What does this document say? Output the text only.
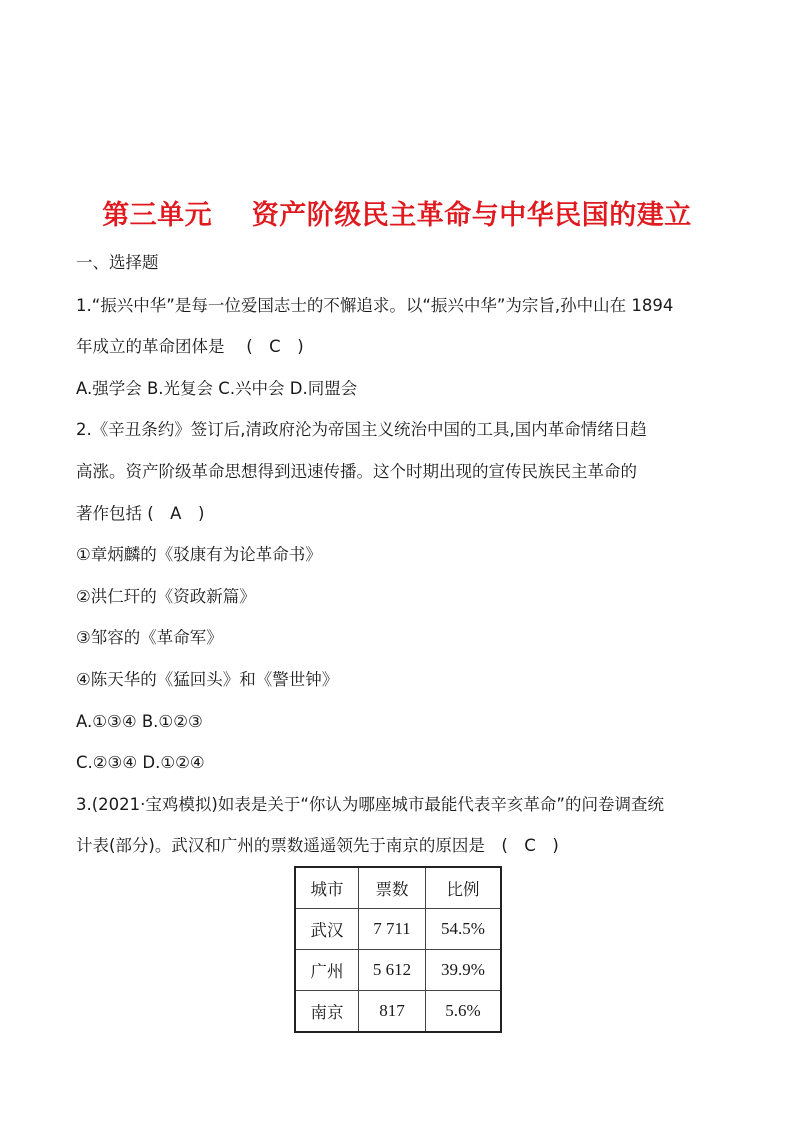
第三单元    资产阶级民主革命与中华民国的建立
一、选择题
1.“振兴中华”是每一位爱国志士的不懈追求。以“振兴中华”为宗旨,孙中山在 1894
年成立的革命团体是　 (　C　)
A.强学会 B.光复会 C.兴中会 D.同盟会
2.《辛丑条约》签订后,清政府沦为帝国主义统治中国的工具,国内革命情绪日趋
高涨。资产阶级革命思想得到迅速传播。这个时期出现的宣传民族民主革命的
著作包括 (　A　)
①章炳麟的《驳康有为论革命书》
②洪仁玕的《资政新篇》
③邹容的《革命军》
④陈天华的《猛回头》和《警世钟》
A.①③④ B.①②③
C.②③④ D.①②④
3.(2021·宝鸡模拟)如表是关于“你认为哪座城市最能代表辛亥革命”的问卷调查统
计表(部分)。武汉和广州的票数遥遥领先于南京的原因是　(　C　)
城市	票数	比例
武汉	7 711	54.5%
广州	5 612	39.9%
南京	817	5.6%
